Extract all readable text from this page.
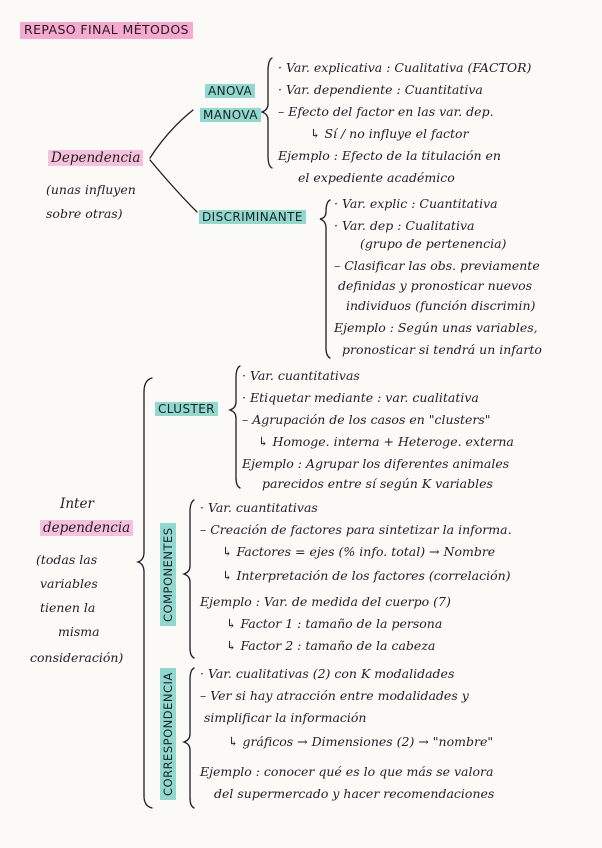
REPASO FINAL MÉTODOS
Dependencia
(unas influyen
sobre otras)
ANOVA
MANOVA
· Var. explicativa : Cualitativa (FACTOR)
· Var. dependiente : Cuantitativa
– Efecto del factor en las var. dep.
↳ Sí / no influye el factor
Ejemplo : Efecto de la titulación en
el expediente académico
DISCRIMINANTE
· Var. explic : Cuantitativa
· Var. dep : Cualitativa
(grupo de pertenencia)
– Clasificar las obs. previamente
definidas y pronosticar nuevos
individuos (función discrimin)
Ejemplo : Según unas variables,
pronosticar si tendrá un infarto
Inter
dependencia
(todas las
variables
tienen la
misma
consideración)
CLUSTER
· Var. cuantitativas
· Etiquetar mediante : var. cualitativa
– Agrupación de los casos en "clusters"
↳ Homoge. interna + Heteroge. externa
Ejemplo : Agrupar los diferentes animales
parecidos entre sí según K variables
COMPONENTES
· Var. cuantitativas
– Creación de factores para sintetizar la informa.
↳ Factores = ejes (% info. total) → Nombre
↳ Interpretación de los factores (correlación)
Ejemplo : Var. de medida del cuerpo (7)
↳ Factor 1 : tamaño de la persona
↳ Factor 2 : tamaño de la cabeza
CORRESPONDENCIA · Var. cualitativas (2) con K modalidades
– Ver si hay atracción entre modalidades y
simplificar la información
↳ gráficos → Dimensiones (2) → "nombre"
Ejemplo : conocer qué es lo que más se valora
del supermercado y hacer recomendaciones
